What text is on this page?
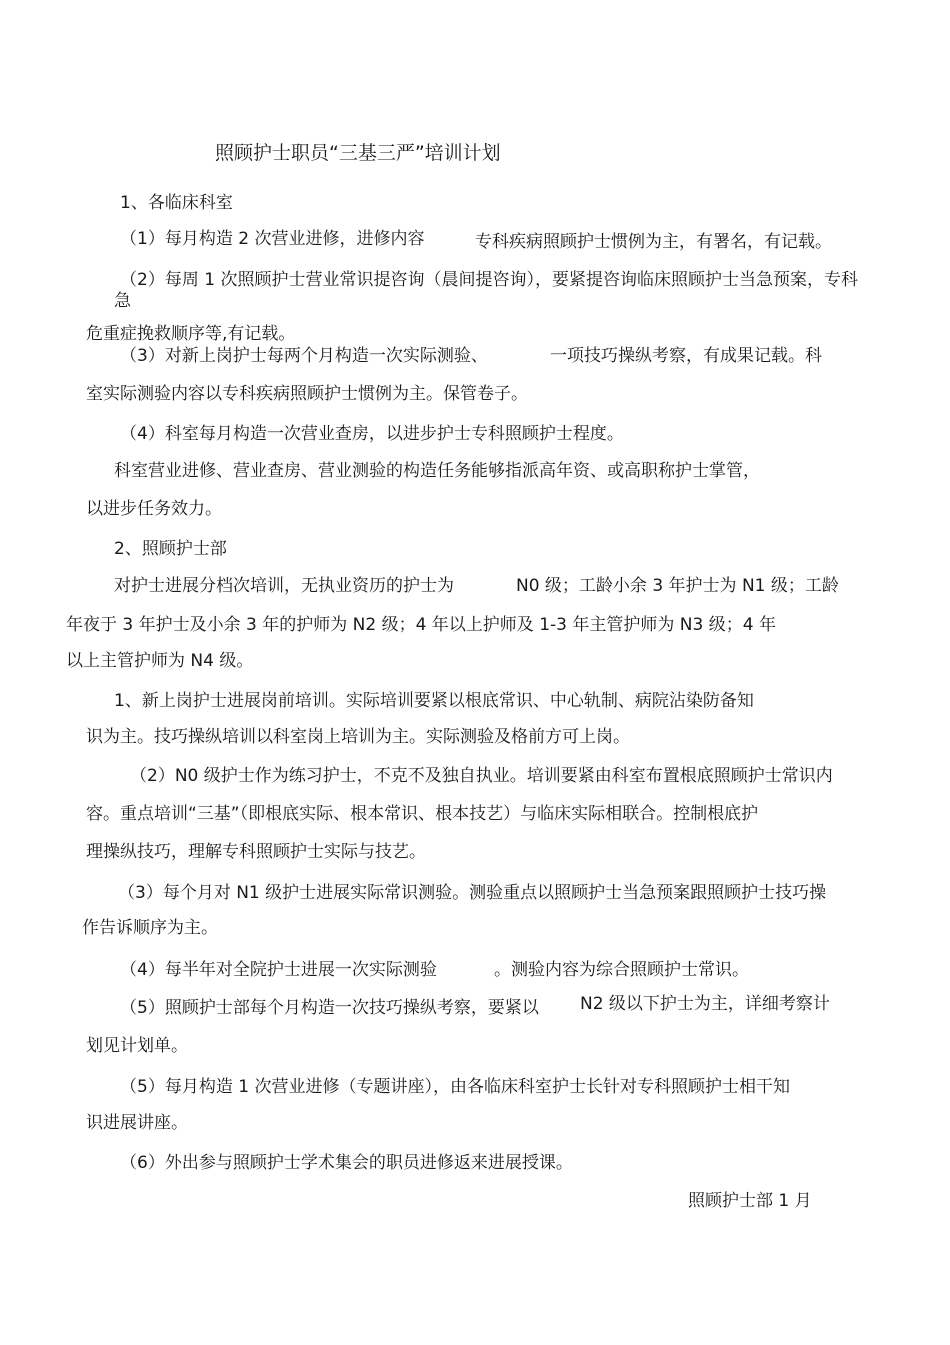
照顾护士职员“三基三严”培训计划
1、各临床科室
（1）每月构造 2 次营业进修，进修内容	专科疾病照顾护士惯例为主，有署名，有记载。
（2）每周 1 次照顾护士营业常识提咨询（晨间提咨询），要紧提咨询临床照顾护士当急预案，专科
急
危重症挽救顺序等,有记载。
（3）对新上岗护士每两个月构造一次实际测验、	一项技巧操纵考察，有成果记载。科
室实际测验内容以专科疾病照顾护士惯例为主。保管卷子。
（4）科室每月构造一次营业查房，以进步护士专科照顾护士程度。
科室营业进修、营业查房、营业测验的构造任务能够指派高年资、或高职称护士掌管，
以进步任务效力。
2、照顾护士部
对护士进展分档次培训，无执业资历的护士为	N0 级；工龄小余 3 年护士为 N1 级；工龄
年夜于 3 年护士及小余 3 年的护师为 N2 级；4 年以上护师及 1-3 年主管护师为 N3 级；4 年
以上主管护师为 N4 级。
1、新上岗护士进展岗前培训。实际培训要紧以根底常识、中心轨制、病院沾染防备知
识为主。技巧操纵培训以科室岗上培训为主。实际测验及格前方可上岗。
（2）N0 级护士作为练习护士，不克不及独自执业。培训要紧由科室布置根底照顾护士常识内
容。重点培训“三基”（即根底实际、根本常识、根本技艺）与临床实际相联合。控制根底护
理操纵技巧，理解专科照顾护士实际与技艺。
（3）每个月对 N1 级护士进展实际常识测验。测验重点以照顾护士当急预案跟照顾护士技巧操
作告诉顺序为主。
（4）每半年对全院护士进展一次实际测验	。测验内容为综合照顾护士常识。
（5）照顾护士部每个月构造一次技巧操纵考察，要紧以 N2 级以下护士为主，详细考察计
划见计划单。
（5）每月构造 1 次营业进修（专题讲座），由各临床科室护士长针对专科照顾护士相干知
识进展讲座。
（6）外出参与照顾护士学术集会的职员进修返来进展授课。
照顾护士部 1 月
